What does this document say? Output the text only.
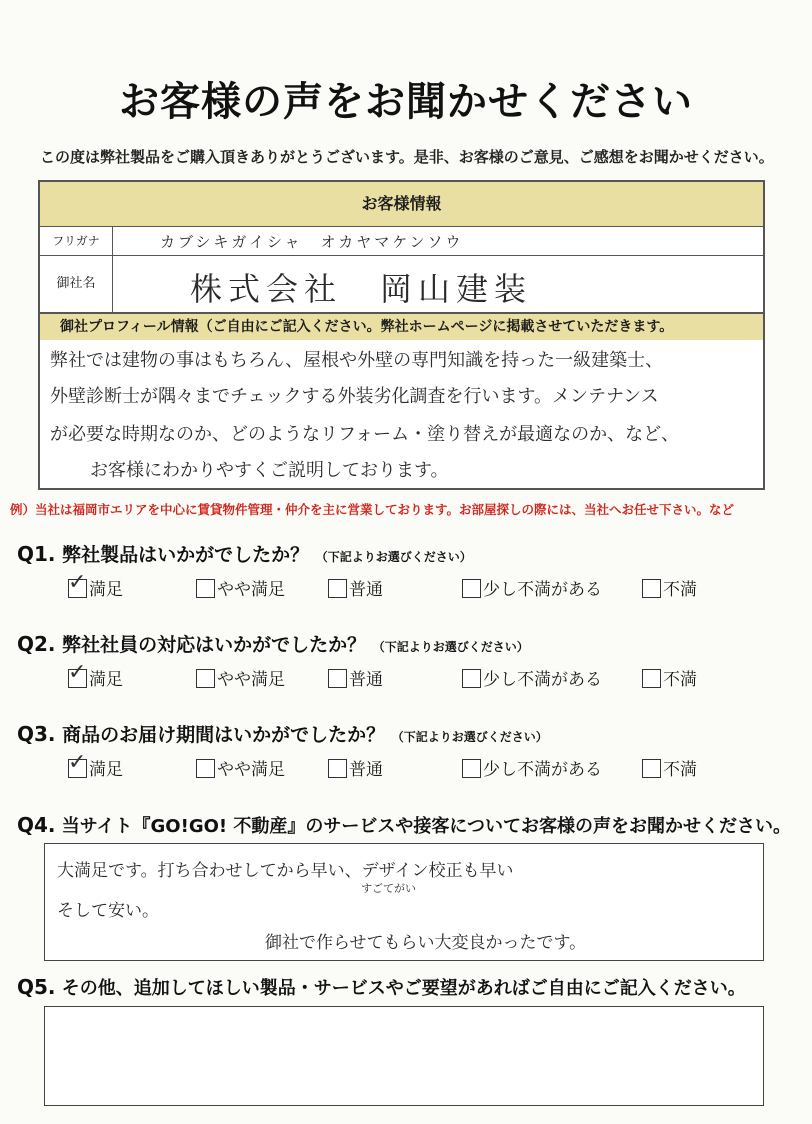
お客様の声をお聞かせください
この度は弊社製品をご購入頂きありがとうございます。是非、お客様のご意見、ご感想をお聞かせください。
お客様情報
フリガナ	カブシキガイシャ　オカヤマケンソウ
御社名	株式会社　岡山建装
御社プロフィール情報（ご自由にご記入ください。弊社ホームページに掲載させていただきます。
弊社では建物の事はもちろん、屋根や外壁の専門知識を持った一級建築士、
外壁診断士が隅々までチェックする外装劣化調査を行います。メンテナンス
が必要な時期なのか、どのようなリフォーム・塗り替えが最適なのか、など、
お客様にわかりやすくご説明しております。
例）当社は福岡市エリアを中心に賃貸物件管理・仲介を主に営業しております。お部屋探しの際には、当社へお任せ下さい。など
Q1. 弊社製品はいかがでしたか？ （下記よりお選びください）
✓ 満足	やや満足	普通	少し不満がある	不満
Q2. 弊社社員の対応はいかがでしたか？ （下記よりお選びください）
✓ 満足	やや満足	普通	少し不満がある	不満
Q3. 商品のお届け期間はいかがでしたか？ （下記よりお選びください）
✓ 満足	やや満足	普通	少し不満がある	不満
Q4. 当サイト『GO!GO! 不動産』のサービスや接客についてお客様の声をお聞かせください。
大満足です。打ち合わせしてから早い、デザイン校正も早い
すごてがい
そして安い。
御社で作らせてもらい大変良かったです。
Q5. その他、追加してほしい製品・サービスやご要望があればご自由にご記入ください。
